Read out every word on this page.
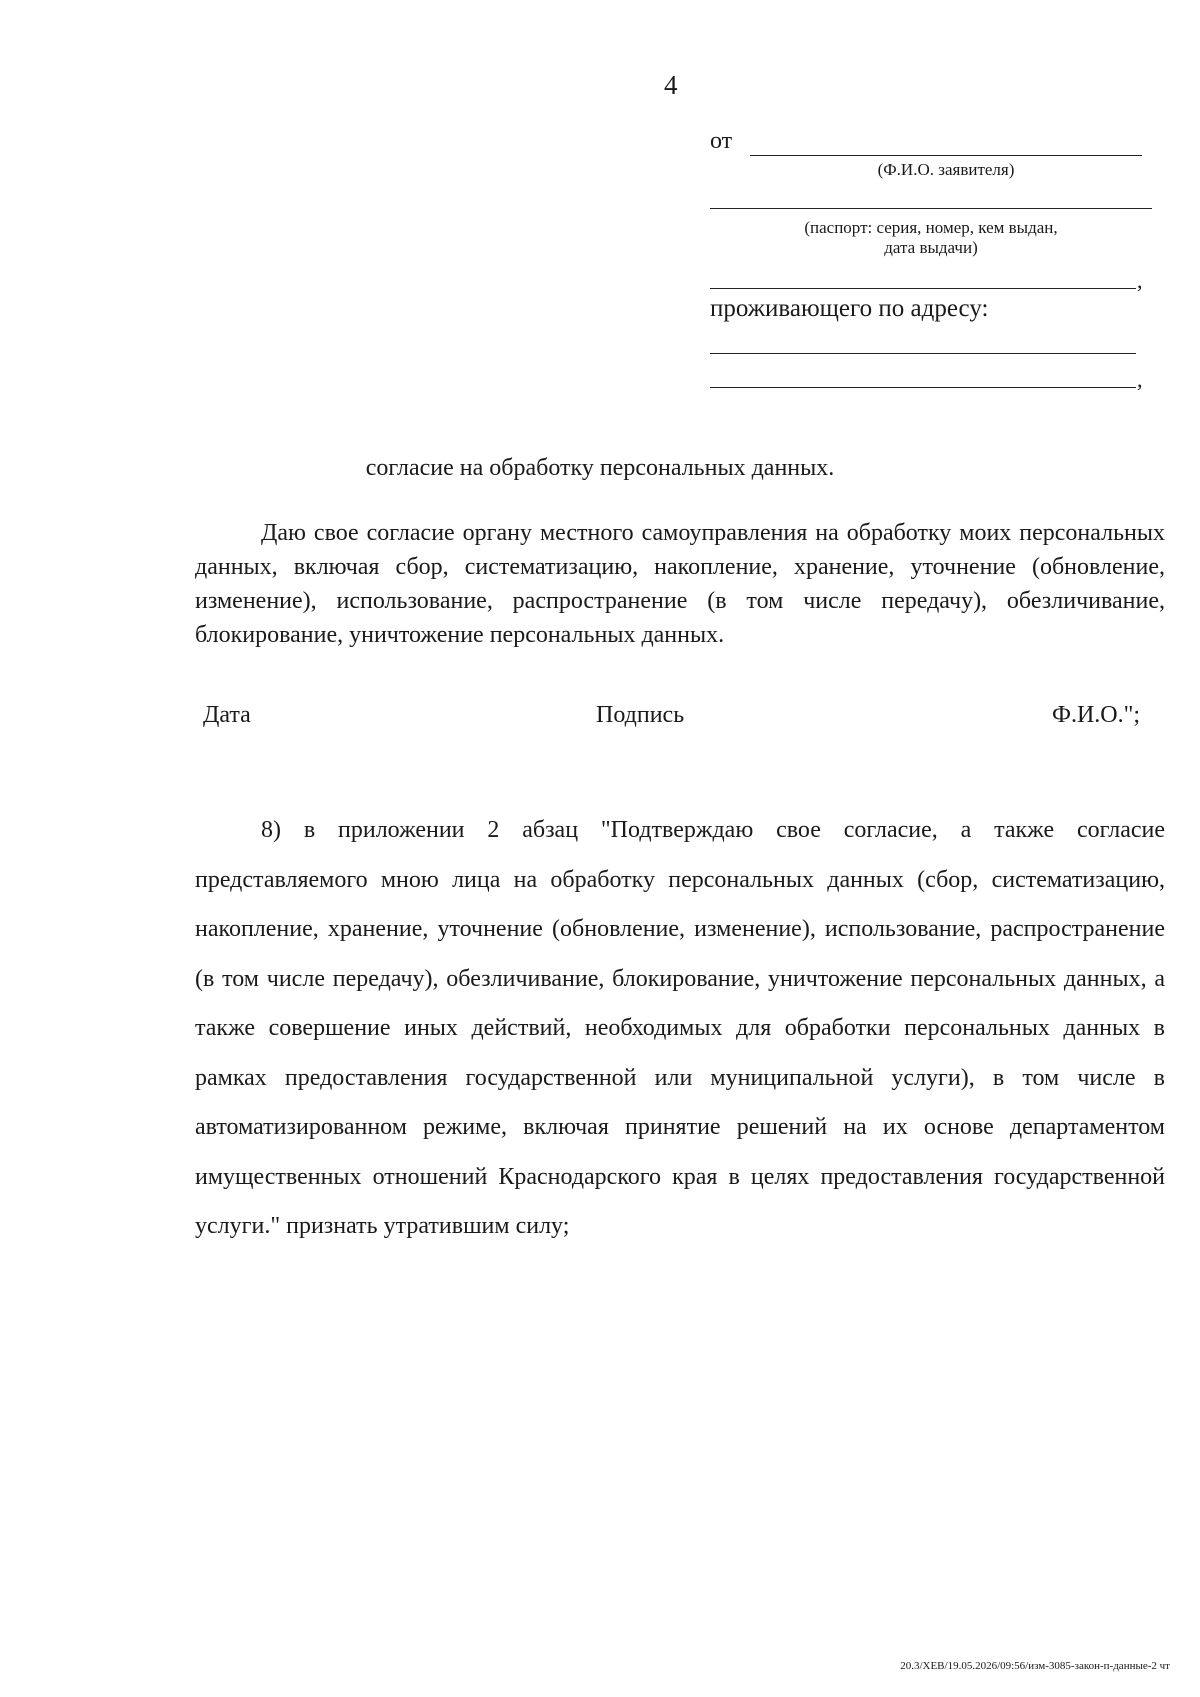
4
от
(Ф.И.О. заявителя)
(паспорт: серия, номер, кем выдан,
дата выдачи)
,
проживающего по адресу:
,
согласие на обработку персональных данных.

Даю свое согласие органу местного самоуправления на обработку моих персональных данных, включая сбор, систематизацию, накопление, хранение, уточнение (обновление, изменение), использование, распространение (в том числе передачу), обезличивание, блокирование, уничтожение персональных данных.

Дата	Подпись	Ф.И.О.";

8) в приложении 2 абзац "Подтверждаю свое согласие, а также согласие представляемого мною лица на обработку персональных данных (сбор, систематизацию, накопление, хранение, уточнение (обновление, изменение), использование, распространение (в том числе передачу), обезличивание, блокирование, уничтожение персональных данных, а также совершение иных действий, необходимых для обработки персональных данных в рамках предоставления государственной или муниципальной услуги), в том числе в автоматизированном режиме, включая принятие решений на их основе департаментом имущественных отношений Краснодарского края в целях предоставления государственной услуги." признать утратившим силу;

20.3/ХЕВ/19.05.2026/09:56/изм-3085-закон-п-данные-2 чт
